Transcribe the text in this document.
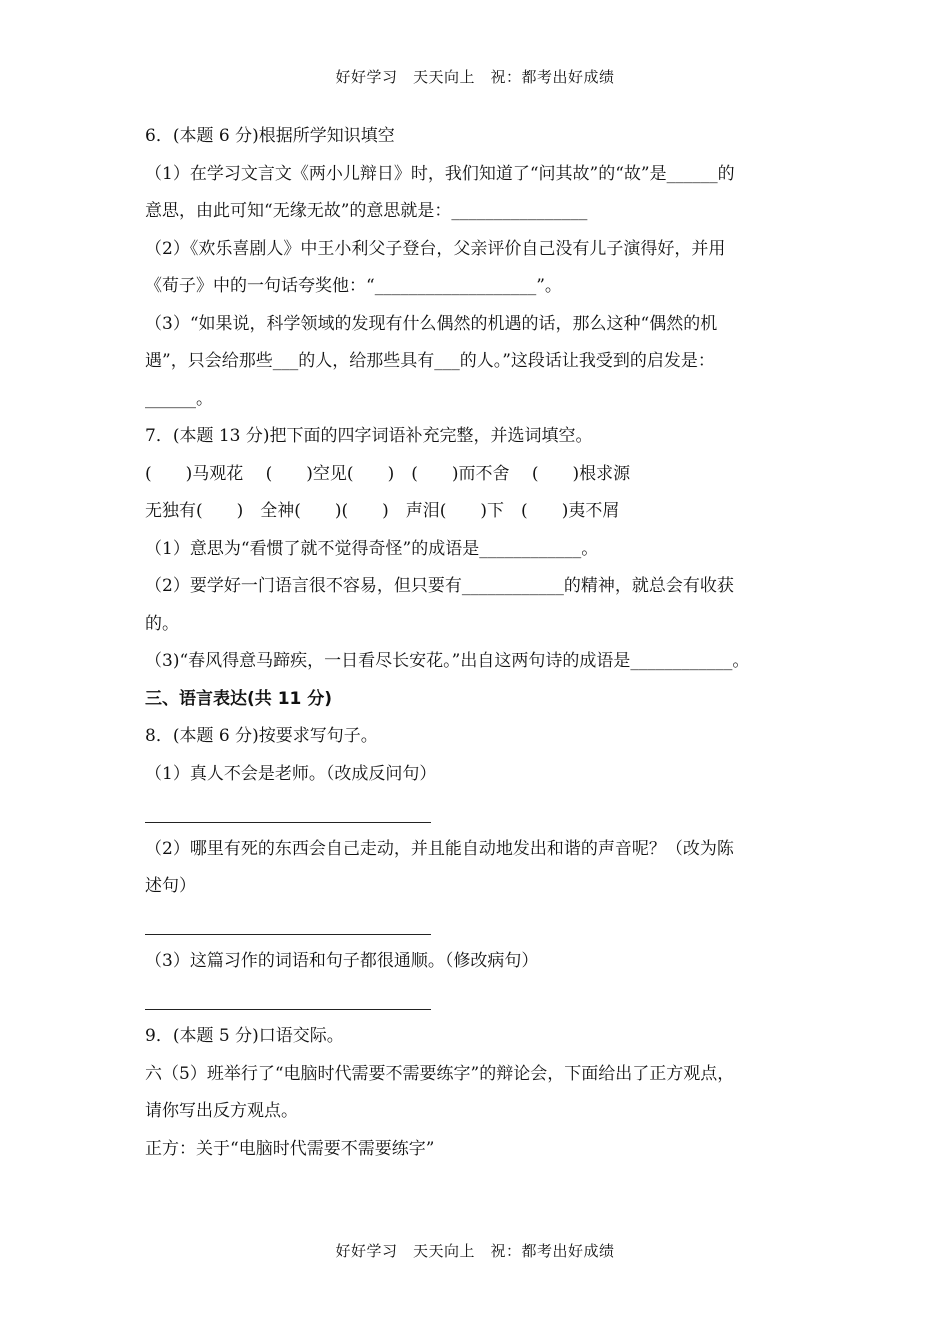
好好学习　天天向上　祝：都考出好成绩
6．(本题 6 分)根据所学知识填空
（1）在学习文言文《两小儿辩日》时，我们知道了“问其故”的“故”是______的
意思，由此可知“无缘无故”的意思就是：________________
（2）《欢乐喜剧人》中王小利父子登台，父亲评价自己没有儿子演得好，并用
《荀子》中的一句话夸奖他：“___________________”。
（3）“如果说，科学领域的发现有什么偶然的机遇的话，那么这种“偶然的机
遇”，只会给那些___的人，给那些具有___的人。”这段话让我受到的启发是：
______。
7．(本题 13 分)把下面的四字词语补充完整，并选词填空。
(　　)马观花　 (　　)空见(　　)　(　　)而不舍　 (　　)根求源
无独有(　　)　全神(　　)(　　)　声泪(　　)下　(　　)夷不屑
（1）意思为“看惯了就不觉得奇怪”的成语是____________。
（2）要学好一门语言很不容易，但只要有____________的精神，就总会有收获
的。
（3)“春风得意马蹄疾，一日看尽长安花。”出自这两句诗的成语是____________。
三、语言表达(共 11 分)
8．(本题 6 分)按要求写句子。
（1）真人不会是老师。（改成反问句）
（2）哪里有死的东西会自己走动，并且能自动地发出和谐的声音呢？（改为陈
述句）
（3）这篇习作的词语和句子都很通顺。（修改病句）
9．(本题 5 分)口语交际。
六（5）班举行了“电脑时代需要不需要练字”的辩论会，下面给出了正方观点，
请你写出反方观点。
正方：关于“电脑时代需要不需要练字”
好好学习　天天向上　祝：都考出好成绩
